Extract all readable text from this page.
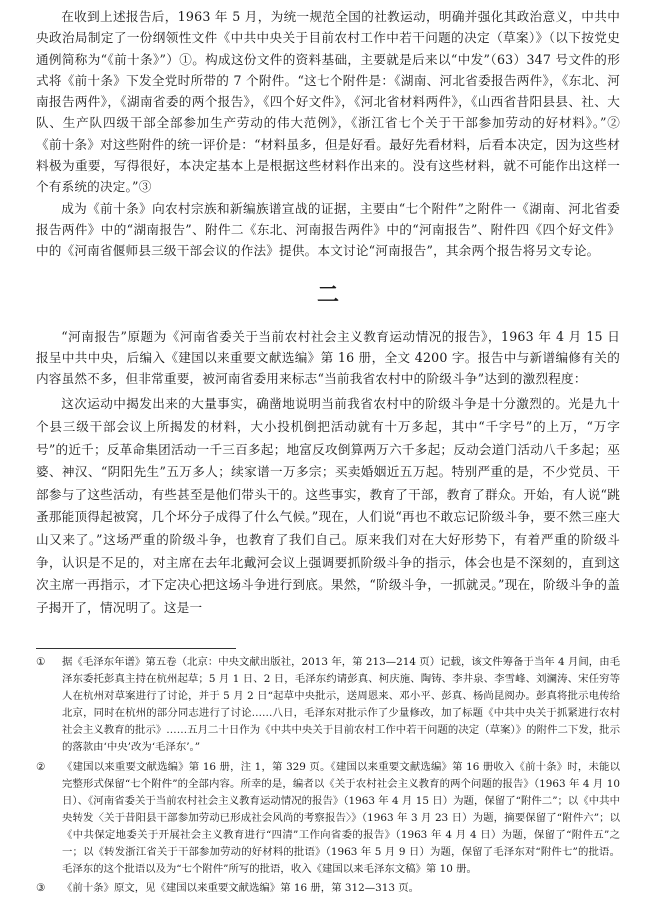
在收到上述报告后，1963 年 5 月，为统一规范全国的社教运动，明确并强化其政治意义，中共中央政治局制定了一份纲领性文件《中共中央关于目前农村工作中若干问题的决定（草案）》（以下按党史通例简称为“《前十条》”）①。构成这份文件的资料基础，主要就是后来以“中发”（63）347 号文件的形式将《前十条》下发全党时所带的 7 个附件。“这七个附件是：《湖南、河北省委报告两件》，《东北、河南报告两件》，《湖南省委的两个报告》，《四个好文件》，《河北省材料两件》，《山西省昔阳县县、社、大队、生产队四级干部全部参加生产劳动的伟大范例》，《浙江省七个关于干部参加劳动的好材料》。”② 《前十条》对这些附件的统一评价是：“材料虽多，但是好看。最好先看材料，后看本决定，因为这些材料极为重要，写得很好，本决定基本上是根据这些材料作出来的。没有这些材料，就不可能作出这样一个有系统的决定。”③

成为《前十条》向农村宗族和新编族谱宣战的证据，主要由“七个附件”之附件一《湖南、河北省委报告两件》中的“湖南报告”、附件二《东北、河南报告两件》中的“河南报告”、附件四《四个好文件》中的《河南省偃师县三级干部会议的作法》提供。本文讨论“河南报告”，其余两个报告将另文专论。

二

“河南报告”原题为《河南省委关于当前农村社会主义教育运动情况的报告》，1963 年 4 月 15 日报呈中共中央，后编入《建国以来重要文献选编》第 16 册，全文 4200 字。报告中与新谱编修有关的内容虽然不多，但非常重要，被河南省委用来标志“当前我省农村中的阶级斗争”达到的激烈程度：

这次运动中揭发出来的大量事实，确凿地说明当前我省农村中的阶级斗争是十分激烈的。光是九十个县三级干部会议上所揭发的材料，大小投机倒把活动就有十万多起，其中“千字号”的上万，“万字号”的近千；反革命集团活动一千三百多起；地富反攻倒算两万六千多起；反动会道门活动八千多起；巫婆、神汉、“阴阳先生”五万多人；续家谱一万多宗；买卖婚姻近五万起。特别严重的是，不少党员、干部参与了这些活动，有些甚至是他们带头干的。这些事实，教育了干部，教育了群众。开始，有人说“跳蚤那能顶得起被窝，几个坏分子成得了什么气候。”现在，人们说“再也不敢忘记阶级斗争，要不然三座大山又来了。”这场严重的阶级斗争，也教育了我们自己。原来我们对在大好形势下，有着严重的阶级斗争，认识是不足的，对主席在去年北戴河会议上强调要抓阶级斗争的指示，体会也是不深刻的，直到这次主席一再指示，才下定决心把这场斗争进行到底。果然，“阶级斗争，一抓就灵。”现在，阶级斗争的盖子揭开了，情况明了。这是一

①	据《毛泽东年谱》第五卷（北京：中央文献出版社，2013 年，第 213—214 页）记载，该文件筹备于当年 4 月间，由毛泽东委托彭真主持在杭州起草；5 月 1 日、2 日，毛泽东约请彭真、柯庆施、陶铸、李井泉、李雪峰、刘澜涛、宋任穷等人在杭州对草案进行了讨论，并于 5 月 2 日“起草中央批示，送周恩来、邓小平、彭真、杨尚昆阅办。彭真将批示电传给北京，同时在杭州的部分同志进行了讨论……八日，毛泽东对批示作了少量修改，加了标题《中共中央关于抓紧进行农村社会主义教育的批示》……五月二十日作为《中共中央关于目前农村工作中若干问题的决定（草案）》的附件二下发，批示的落款由‘中央’改为‘毛泽东’。”
②	《建国以来重要文献选编》第 16 册，注 1，第 329 页。《建国以来重要文献选编》第 16 册收入《前十条》时，未能以完整形式保留“七个附件”的全部内容。所幸的是，编者以《关于农村社会主义教育的两个问题的报告》（1963 年 4 月 10 日）、《河南省委关于当前农村社会主义教育运动情况的报告》（1963 年 4 月 15 日）为题，保留了“附件二”；以《中共中央转发〈关于昔阳县干部参加劳动已形成社会风尚的考察报告〉》（1963 年 3 月 23 日）为题，摘要保留了“附件六”；以《中共保定地委关于开展社会主义教育进行“四清”工作向省委的报告》（1963 年 4 月 4 日）为题，保留了“附件五”之一；以《转发浙江省关于干部参加劳动的好材料的批语》（1963 年 5 月 9 日）为题，保留了毛泽东对“附件七”的批语。毛泽东的这个批语以及为“七个附件”所写的批语，收入《建国以来毛泽东文稿》第 10 册。
③	《前十条》原文，见《建国以来重要文献选编》第 16 册，第 312—313 页。
